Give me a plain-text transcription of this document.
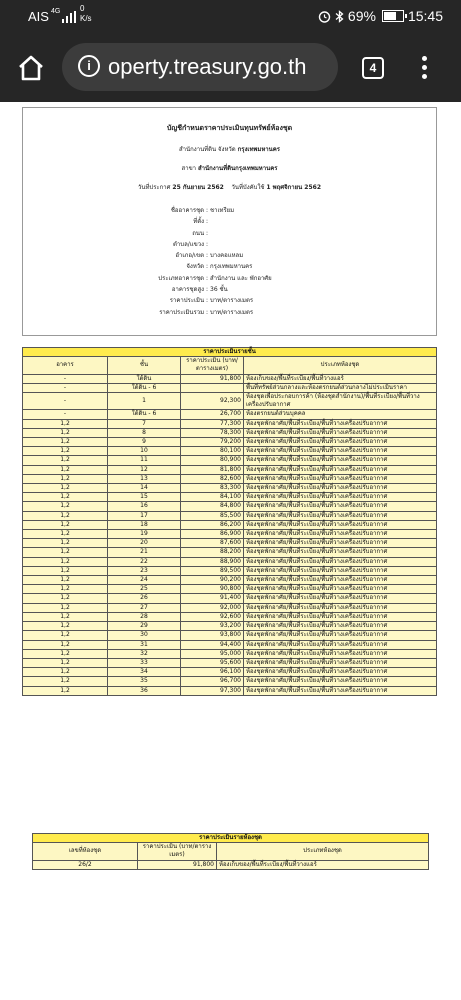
AIS 4G 0
K/s	69% 15:45
i operty.treasury.go.th	4
บัญชีกำหนดราคาประเมินทุนทรัพย์ห้องชุด
สำนักงานที่ดิน จังหวัด กรุงเทพมหานคร
สาขา สำนักงานที่ดินกรุงเทพมหานคร
วันที่ประกาศ 25 กันยายน 2562 วันที่บังคับใช้ 1 พฤศจิกายน 2562
ชื่ออาคารชุด : ชาเทรียม
ที่ตั้ง :
ถนน :
ตำบล/แขวง :
อำเภอ/เขต : บางคอแหลม
จังหวัด : กรุงเทพมหานคร
ประเภทอาคารชุด : สำนักงาน และ พักอาศัย
อาคารชุดสูง : 36 ชั้น
ราคาประเมิน : บาท/ตารางเมตร
ราคาประเมินรวม : บาท/ตารางเมตร
ราคาประเมินรายชั้น			
อาคาร	ชั้น	ราคาประเมิน (บาท/ตารางเมตร)	ประเภทห้องชุด
-	ใต้ดิน	91,800	ห้องเก็บของ/พื้นที่ระเบียง/พื้นที่วางแอร์
-	ใต้ดิน - 6		พื้นที่ทรัพย์ส่วนกลางและห้องตรกยนต์ส่วนกลางไม่ประเมินราคา
-	1	92,300	ห้องชุดเพื่อประกอบการค้า (ห้องชุดสำนักงาน)/พื้นที่ระเบียง/พื้นที่วางเครื่องปรับอากาศ
-	ใต้ดิน - 6	26,700	ห้องตรกยนต์ส่วนบุคคล
1,2	7	77,300	ห้องชุดพักอาศัย/พื้นที่ระเบียง/พื้นที่วางเครื่องปรับอากาศ
1,2	8	78,300	ห้องชุดพักอาศัย/พื้นที่ระเบียง/พื้นที่วางเครื่องปรับอากาศ
1,2	9	79,200	ห้องชุดพักอาศัย/พื้นที่ระเบียง/พื้นที่วางเครื่องปรับอากาศ
1,2	10	80,100	ห้องชุดพักอาศัย/พื้นที่ระเบียง/พื้นที่วางเครื่องปรับอากาศ
1,2	11	80,900	ห้องชุดพักอาศัย/พื้นที่ระเบียง/พื้นที่วางเครื่องปรับอากาศ
1,2	12	81,800	ห้องชุดพักอาศัย/พื้นที่ระเบียง/พื้นที่วางเครื่องปรับอากาศ
1,2	13	82,600	ห้องชุดพักอาศัย/พื้นที่ระเบียง/พื้นที่วางเครื่องปรับอากาศ
1,2	14	83,300	ห้องชุดพักอาศัย/พื้นที่ระเบียง/พื้นที่วางเครื่องปรับอากาศ
1,2	15	84,100	ห้องชุดพักอาศัย/พื้นที่ระเบียง/พื้นที่วางเครื่องปรับอากาศ
1,2	16	84,800	ห้องชุดพักอาศัย/พื้นที่ระเบียง/พื้นที่วางเครื่องปรับอากาศ
1,2	17	85,500	ห้องชุดพักอาศัย/พื้นที่ระเบียง/พื้นที่วางเครื่องปรับอากาศ
1,2	18	86,200	ห้องชุดพักอาศัย/พื้นที่ระเบียง/พื้นที่วางเครื่องปรับอากาศ
1,2	19	86,900	ห้องชุดพักอาศัย/พื้นที่ระเบียง/พื้นที่วางเครื่องปรับอากาศ
1,2	20	87,600	ห้องชุดพักอาศัย/พื้นที่ระเบียง/พื้นที่วางเครื่องปรับอากาศ
1,2	21	88,200	ห้องชุดพักอาศัย/พื้นที่ระเบียง/พื้นที่วางเครื่องปรับอากาศ
1,2	22	88,900	ห้องชุดพักอาศัย/พื้นที่ระเบียง/พื้นที่วางเครื่องปรับอากาศ
1,2	23	89,500	ห้องชุดพักอาศัย/พื้นที่ระเบียง/พื้นที่วางเครื่องปรับอากาศ
1,2	24	90,200	ห้องชุดพักอาศัย/พื้นที่ระเบียง/พื้นที่วางเครื่องปรับอากาศ
1,2	25	90,800	ห้องชุดพักอาศัย/พื้นที่ระเบียง/พื้นที่วางเครื่องปรับอากาศ
1,2	26	91,400	ห้องชุดพักอาศัย/พื้นที่ระเบียง/พื้นที่วางเครื่องปรับอากาศ
1,2	27	92,000	ห้องชุดพักอาศัย/พื้นที่ระเบียง/พื้นที่วางเครื่องปรับอากาศ
1,2	28	92,600	ห้องชุดพักอาศัย/พื้นที่ระเบียง/พื้นที่วางเครื่องปรับอากาศ
1,2	29	93,200	ห้องชุดพักอาศัย/พื้นที่ระเบียง/พื้นที่วางเครื่องปรับอากาศ
1,2	30	93,800	ห้องชุดพักอาศัย/พื้นที่ระเบียง/พื้นที่วางเครื่องปรับอากาศ
1,2	31	94,400	ห้องชุดพักอาศัย/พื้นที่ระเบียง/พื้นที่วางเครื่องปรับอากาศ
1,2	32	95,000	ห้องชุดพักอาศัย/พื้นที่ระเบียง/พื้นที่วางเครื่องปรับอากาศ
1,2	33	95,600	ห้องชุดพักอาศัย/พื้นที่ระเบียง/พื้นที่วางเครื่องปรับอากาศ
1,2	34	96,100	ห้องชุดพักอาศัย/พื้นที่ระเบียง/พื้นที่วางเครื่องปรับอากาศ
1,2	35	96,700	ห้องชุดพักอาศัย/พื้นที่ระเบียง/พื้นที่วางเครื่องปรับอากาศ
1,2	36	97,300	ห้องชุดพักอาศัย/พื้นที่ระเบียง/พื้นที่วางเครื่องปรับอากาศ
ราคาประเมินรายห้องชุด		
เลขที่ห้องชุด	ราคาประเมิน (บาท/ตารางเมตร)	ประเภทห้องชุด
26/2	91,800	ห้องเก็บของ/พื้นที่ระเบียง/พื้นที่วางแอร์
